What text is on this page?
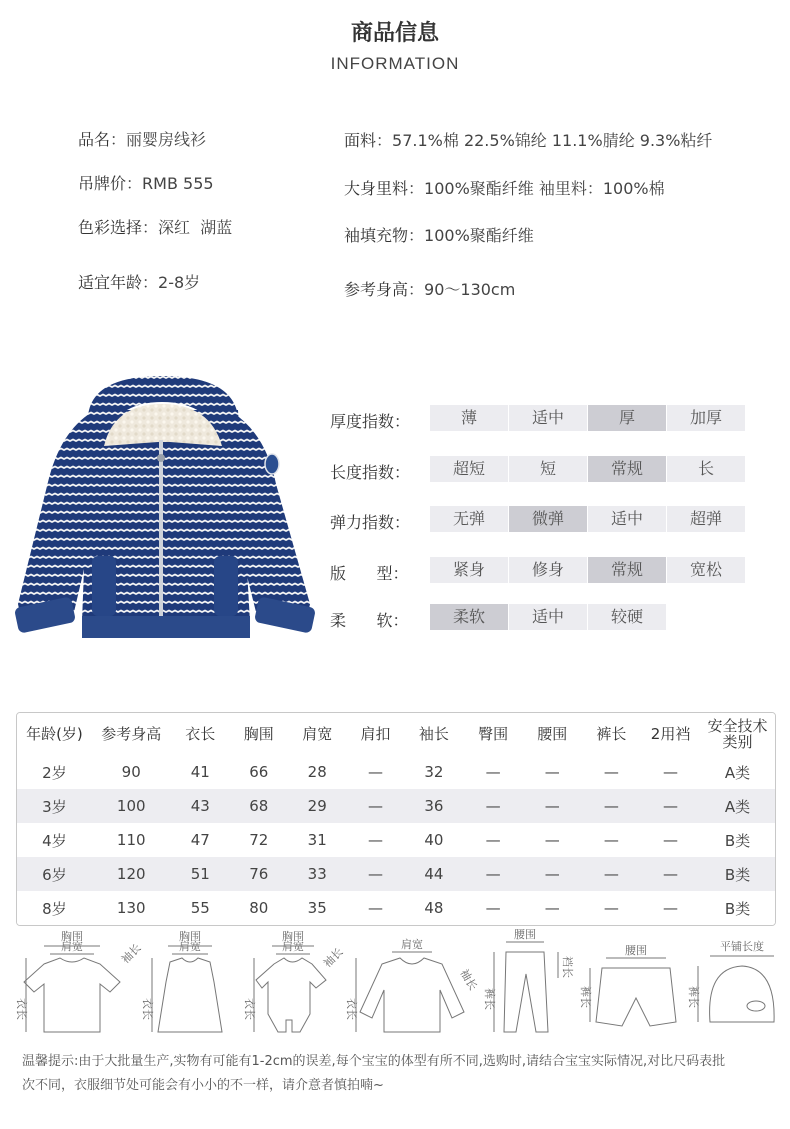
商品信息
INFORMATION
品名：丽婴房线衫
吊牌价：RMB 555
色彩选择：深红  湖蓝
适宜年龄：2-8岁
面料：57.1%棉 22.5%锦纶 11.1%腈纶 9.3%粘纤
大身里料：100%聚酯纤维 袖里料：100%棉
袖填充物：100%聚酯纤维
参考身高：90～130cm
厚度指数：	薄	适中	厚	加厚
长度指数：	超短	短	常规	长
弹力指数：	无弹	微弹	适中	超弹
版      型：	紧身	修身	常规	宽松
柔      软：	柔软	适中	较硬
年龄(岁)	参考身高	衣长	胸围	肩宽	肩扣	袖长	臀围	腰围	裤长	2用裆	安全技术类别
2岁	90	41	66	28	—	32	—	—	—	—	A类
3岁	100	43	68	29	—	36	—	—	—	—	A类
4岁	110	47	72	31	—	40	—	—	—	—	B类
6岁	120	51	76	33	—	44	—	—	—	—	B类
8岁	130	55	80	35	—	48	—	—	—	—	B类
胸围
肩宽	袖长
衣长
胸围
肩宽
衣长
胸围
肩宽 袖长
衣长
肩宽
袖长
衣长
腰围
裆长
裤长
腰围
裤长
平铺长度
裤长
温馨提示:由于大批量生产,实物有可能有1-2cm的误差,每个宝宝的体型有所不同,选购时,请结合宝宝实际情况,对比尺码表批
次不同，衣服细节处可能会有小小的不一样，请介意者慎拍喃~
